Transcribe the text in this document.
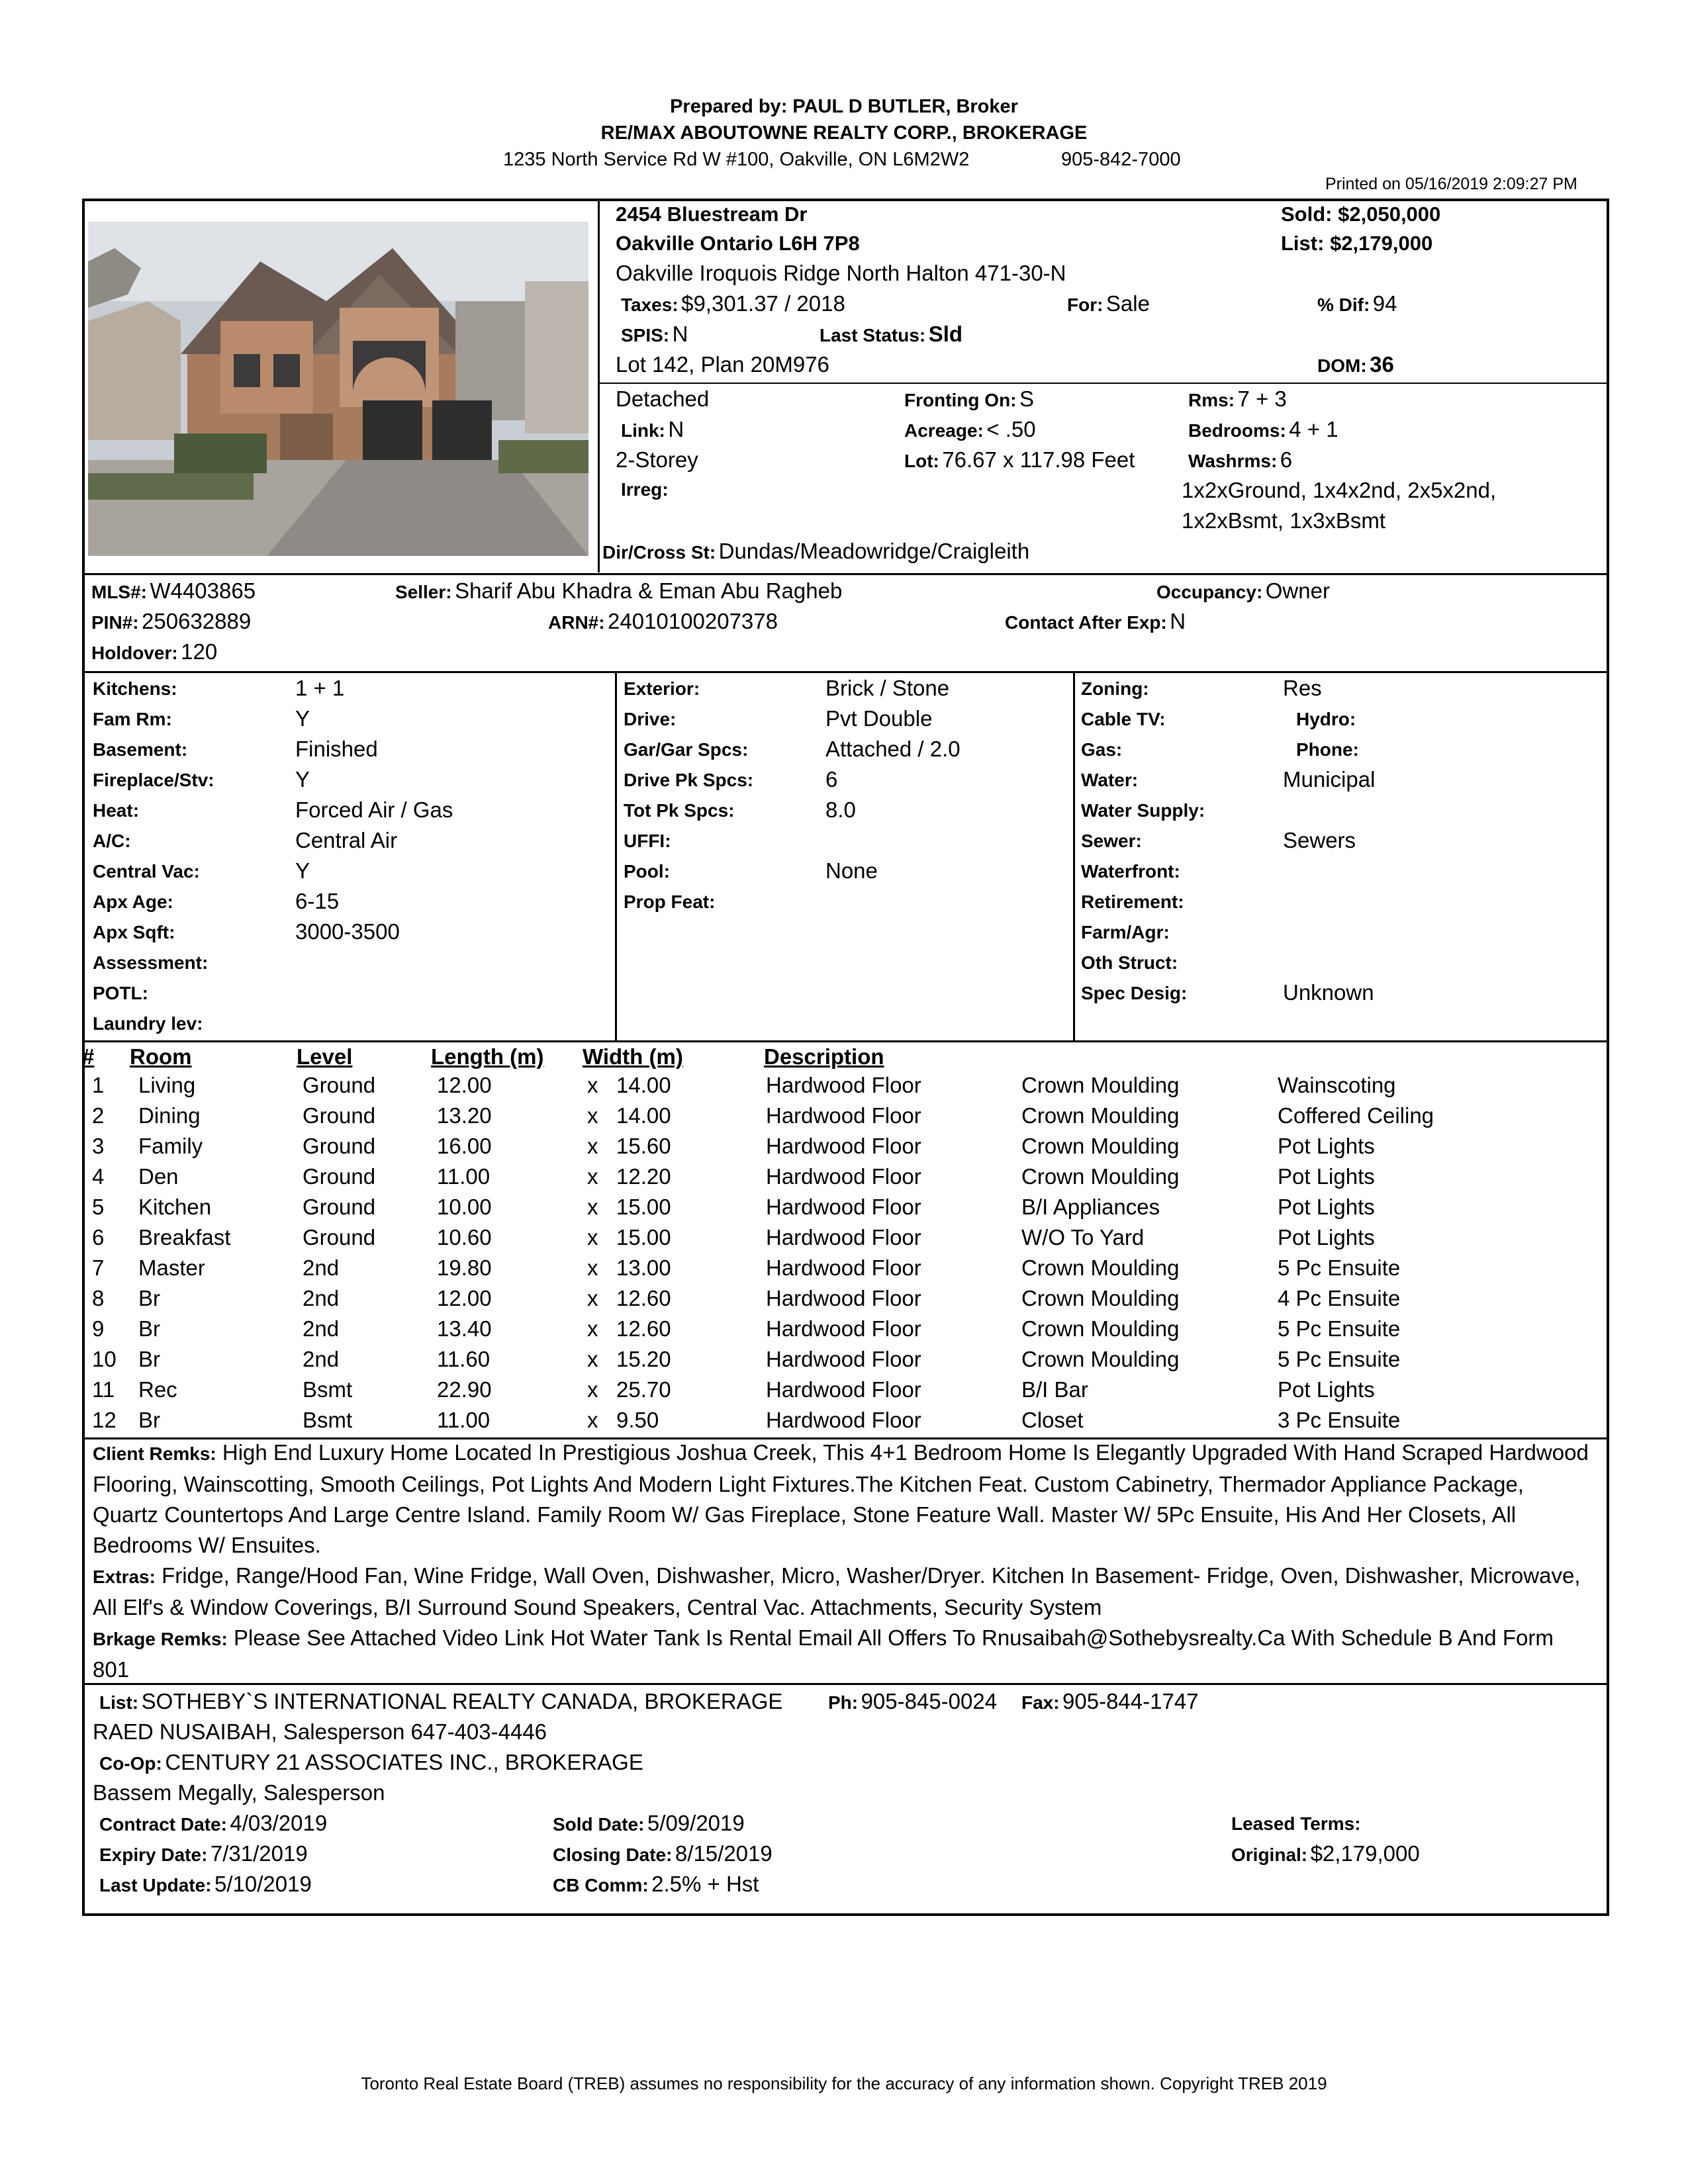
Prepared by: PAUL D BUTLER, Broker
RE/MAX ABOUTOWNE REALTY CORP., BROKERAGE
1235 North Service Rd W #100, Oakville, ON L6M2W2	905-842-7000
Printed on 05/16/2019 2:09:27 PM
2454 Bluestream Dr
Oakville Ontario L6H 7P8
Oakville Iroquois Ridge North Halton 471-30-N
Sold: $2,050,000
List: $2,179,000
Taxes: $9,301.37 / 2018	For: Sale	% Dif: 94
SPIS: N	Last Status: Sld
Lot 142, Plan 20M976	DOM: 36
Detached	Fronting On: S	Rms: 7 + 3
Link: N	Acreage: < .50	Bedrooms: 4 + 1
2-Storey	Lot: 76.67 x 117.98 Feet	Washrms: 6
Irreg:	1x2xGround, 1x4x2nd, 2x5x2nd,
1x2xBsmt, 1x3xBsmt
Dir/Cross St: Dundas/Meadowridge/Craigleith
MLS#: W4403865	Seller: Sharif Abu Khadra & Eman Abu Ragheb	Occupancy: Owner
PIN#: 250632889	ARN#: 24010100207378	Contact After Exp: N
Holdover: 120
Kitchens:	1 + 1
Fam Rm:	Y
Basement:	Finished
Fireplace/Stv:	Y
Heat:	Forced Air / Gas
A/C:	Central Air
Central Vac:	Y
Apx Age:	6-15
Apx Sqft:	3000-3500
Assessment:
POTL:
Laundry lev:
Exterior:	Brick / Stone
Drive:	Pvt Double
Gar/Gar Spcs:	Attached / 2.0
Drive Pk Spcs:	6
Tot Pk Spcs:	8.0
UFFI:
Pool:	None
Prop Feat:
Zoning:	Res
Cable TV:	Hydro:
Gas:	Phone:
Water:	Municipal
Water Supply:
Sewer:	Sewers
Waterfront:
Retirement:
Farm/Agr:
Oth Struct:
Spec Desig:	Unknown
# Room	Level	Length (m) Width (m)	Description
1 Living	Ground	12.00	x 14.00	Hardwood Floor	Crown Moulding	Wainscoting
2 Dining	Ground	13.20	x 14.00	Hardwood Floor	Crown Moulding	Coffered Ceiling
3 Family	Ground	16.00	x 15.60	Hardwood Floor	Crown Moulding	Pot Lights
4 Den	Ground	11.00	x 12.20	Hardwood Floor	Crown Moulding	Pot Lights
5 Kitchen	Ground	10.00	x 15.00	Hardwood Floor	B/I Appliances	Pot Lights
6 Breakfast	Ground	10.60	x 15.00	Hardwood Floor	W/O To Yard	Pot Lights
7 Master	2nd	19.80	x 13.00	Hardwood Floor	Crown Moulding	5 Pc Ensuite
8 Br	2nd	12.00	x 12.60	Hardwood Floor	Crown Moulding	4 Pc Ensuite
9 Br	2nd	13.40	x 12.60	Hardwood Floor	Crown Moulding	5 Pc Ensuite
10 Br	2nd	11.60	x 15.20	Hardwood Floor	Crown Moulding	5 Pc Ensuite
11 Rec	Bsmt	22.90	x 25.70	Hardwood Floor	B/I Bar	Pot Lights
12 Br	Bsmt	11.00	x 9.50	Hardwood Floor	Closet	3 Pc Ensuite
Client Remks: High End Luxury Home Located In Prestigious Joshua Creek, This 4+1 Bedroom Home Is Elegantly Upgraded With Hand Scraped Hardwood Flooring, Wainscotting, Smooth Ceilings, Pot Lights And Modern Light Fixtures.The Kitchen Feat. Custom Cabinetry, Thermador Appliance Package, Quartz Countertops And Large Centre Island. Family Room W/ Gas Fireplace, Stone Feature Wall. Master W/ 5Pc Ensuite, His And Her Closets, All Bedrooms W/ Ensuites.
Extras: Fridge, Range/Hood Fan, Wine Fridge, Wall Oven, Dishwasher, Micro, Washer/Dryer. Kitchen In Basement- Fridge, Oven, Dishwasher, Microwave, All Elf's & Window Coverings, B/I Surround Sound Speakers, Central Vac. Attachments, Security System
Brkage Remks: Please See Attached Video Link Hot Water Tank Is Rental Email All Offers To Rnusaibah@Sothebysrealty.Ca With Schedule B And Form 801
List: SOTHEBY`S INTERNATIONAL REALTY CANADA, BROKERAGE Ph: 905-845-0024 Fax: 905-844-1747
RAED NUSAIBAH, Salesperson 647-403-4446
Co-Op: CENTURY 21 ASSOCIATES INC., BROKERAGE
Bassem Megally, Salesperson
Contract Date: 4/03/2019	Sold Date: 5/09/2019	Leased Terms:
Expiry Date: 7/31/2019	Closing Date: 8/15/2019	Original: $2,179,000
Last Update: 5/10/2019	CB Comm: 2.5% + Hst
Toronto Real Estate Board (TREB) assumes no responsibility for the accuracy of any information shown. Copyright TREB 2019
